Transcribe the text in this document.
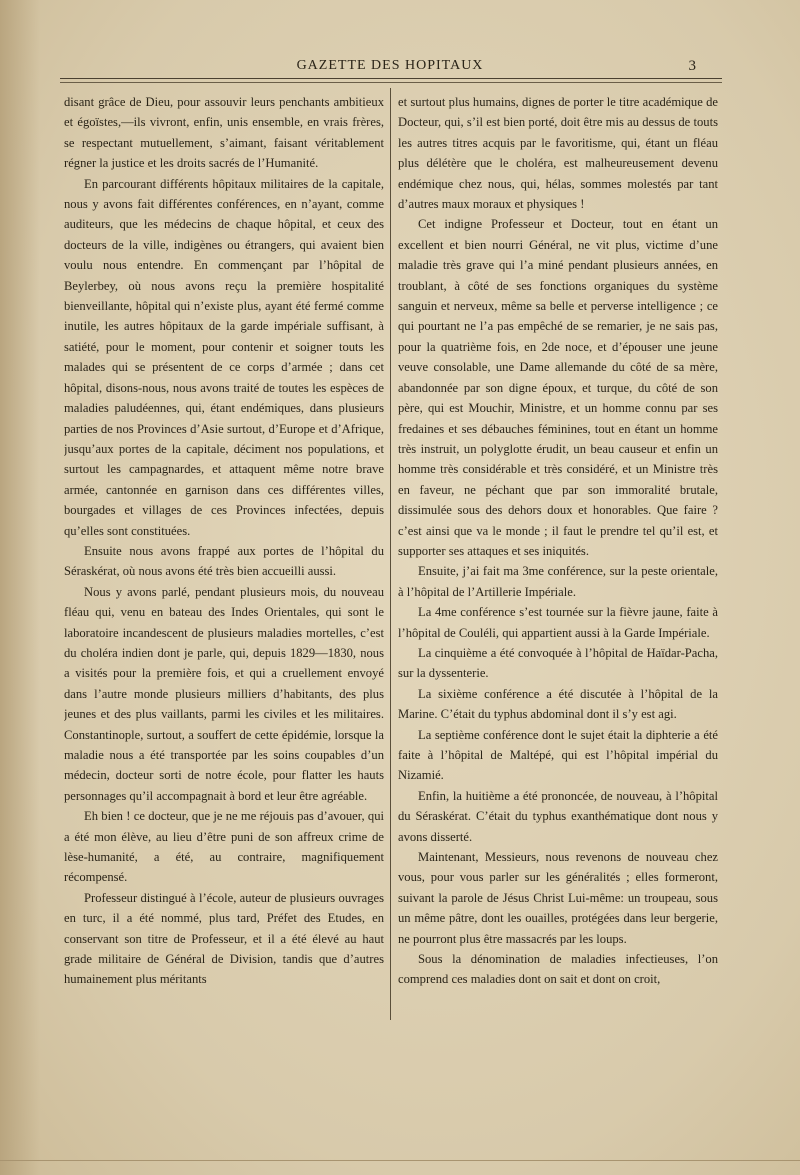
GAZETTE DES HOPITAUX	3

disant grâce de Dieu, pour assouvir leurs penchants ambitieux et égoïstes,—ils vivront, enfin, unis ensemble, en vrais frères, se respectant mutuellement, s’aimant, faisant véritablement régner la justice et les droits sacrés de l’Humanité.

En parcourant différents hôpitaux militaires de la capitale, nous y avons fait différentes conférences, en n’ayant, comme auditeurs, que les médecins de chaque hôpital, et ceux des docteurs de la ville, indigènes ou étrangers, qui avaient bien voulu nous entendre. En commençant par l’hôpital de Beylerbey, où nous avons reçu la première hospitalité bienveillante, hôpital qui n’existe plus, ayant été fermé comme inutile, les autres hôpitaux de la garde impériale suffisant, à satiété, pour le moment, pour contenir et soigner touts les malades qui se présentent de ce corps d’armée ; dans cet hôpital, disons-nous, nous avons traité de toutes les espèces de maladies paludéennes, qui, étant endémiques, dans plusieurs parties de nos Provinces d’Asie surtout, d’Europe et d’Afrique, jusqu’aux portes de la capitale, déciment nos populations, et surtout les campagnardes, et attaquent même notre brave armée, cantonnée en garnison dans ces différentes villes, bourgades et villages de ces Provinces infectées, depuis qu’elles sont constituées.

Ensuite nous avons frappé aux portes de l’hôpital du Séraskérat, où nous avons été très bien accueilli aussi.

Nous y avons parlé, pendant plusieurs mois, du nouveau fléau qui, venu en bateau des Indes Orientales, qui sont le laboratoire incandescent de plusieurs maladies mortelles, c’est du choléra indien dont je parle, qui, depuis 1829—1830, nous a visités pour la première fois, et qui a cruellement envoyé dans l’autre monde plusieurs milliers d’habitants, des plus jeunes et des plus vaillants, parmi les civiles et les militaires. Constantinople, surtout, a souffert de cette épidémie, lorsque la maladie nous a été transportée par les soins coupables d’un médecin, docteur sorti de notre école, pour flatter les hauts personnages qu’il accompagnait à bord et leur être agréable.

Eh bien ! ce docteur, que je ne me réjouis pas d’avouer, qui a été mon élève, au lieu d’être puni de son affreux crime de lèse-humanité, a été, au contraire, magnifiquement récompensé.

Professeur distingué à l’école, auteur de plusieurs ouvrages en turc, il a été nommé, plus tard, Préfet des Etudes, en conservant son titre de Professeur, et il a été élevé au haut grade militaire de Général de Division, tandis que d’autres humainement plus méritants

et surtout plus humains, dignes de porter le titre académique de Docteur, qui, s’il est bien porté, doit être mis au dessus de touts les autres titres acquis par le favoritisme, qui, étant un fléau plus délétère que le choléra, est malheureusement devenu endémique chez nous, qui, hélas, sommes molestés par tant d’autres maux moraux et physiques !

Cet indigne Professeur et Docteur, tout en étant un excellent et bien nourri Général, ne vit plus, victime d’une maladie très grave qui l’a miné pendant plusieurs années, en troublant, à côté de ses fonctions organiques du système sanguin et nerveux, même sa belle et perverse intelligence ; ce qui pourtant ne l’a pas empêché de se remarier, je ne sais pas, pour la quatrième fois, en 2de noce, et d’épouser une jeune veuve consolable, une Dame allemande du côté de sa mère, abandonnée par son digne époux, et turque, du côté de son père, qui est Mouchir, Ministre, et un homme connu par ses fredaines et ses débauches féminines, tout en étant un homme très instruit, un polyglotte érudit, un beau causeur et enfin un homme très considérable et très considéré, et un Ministre très en faveur, ne péchant que par son immoralité brutale, dissimulée sous des dehors doux et honorables. Que faire ? c’est ainsi que va le monde ; il faut le prendre tel qu’il est, et supporter ses attaques et ses iniquités.

Ensuite, j’ai fait ma 3me conférence, sur la peste orientale, à l’hôpital de l’Artillerie Impériale.

La 4me conférence s’est tournée sur la fièvre jaune, faite à l’hôpital de Couléli, qui appartient aussi à la Garde Impériale.

La cinquième a été convoquée à l’hôpital de Haïdar-Pacha, sur la dyssenterie.

La sixième conférence a été discutée à l’hôpital de la Marine. C’était du typhus abdominal dont il s’y est agi.

La septième conférence dont le sujet était la diphterie a été faite à l’hôpital de Maltépé, qui est l’hôpital impérial du Nizamié.

Enfin, la huitième a été prononcée, de nouveau, à l’hôpital du Séraskérat. C’était du typhus exanthématique dont nous y avons disserté.

Maintenant, Messieurs, nous revenons de nouveau chez vous, pour vous parler sur les généralités ; elles formeront, suivant la parole de Jésus Christ Lui-même: un troupeau, sous un même pâtre, dont les ouailles, protégées dans leur bergerie, ne pourront plus être massacrés par les loups.

Sous la dénomination de maladies infectieuses, l’on comprend ces maladies dont on sait et dont on croit,
